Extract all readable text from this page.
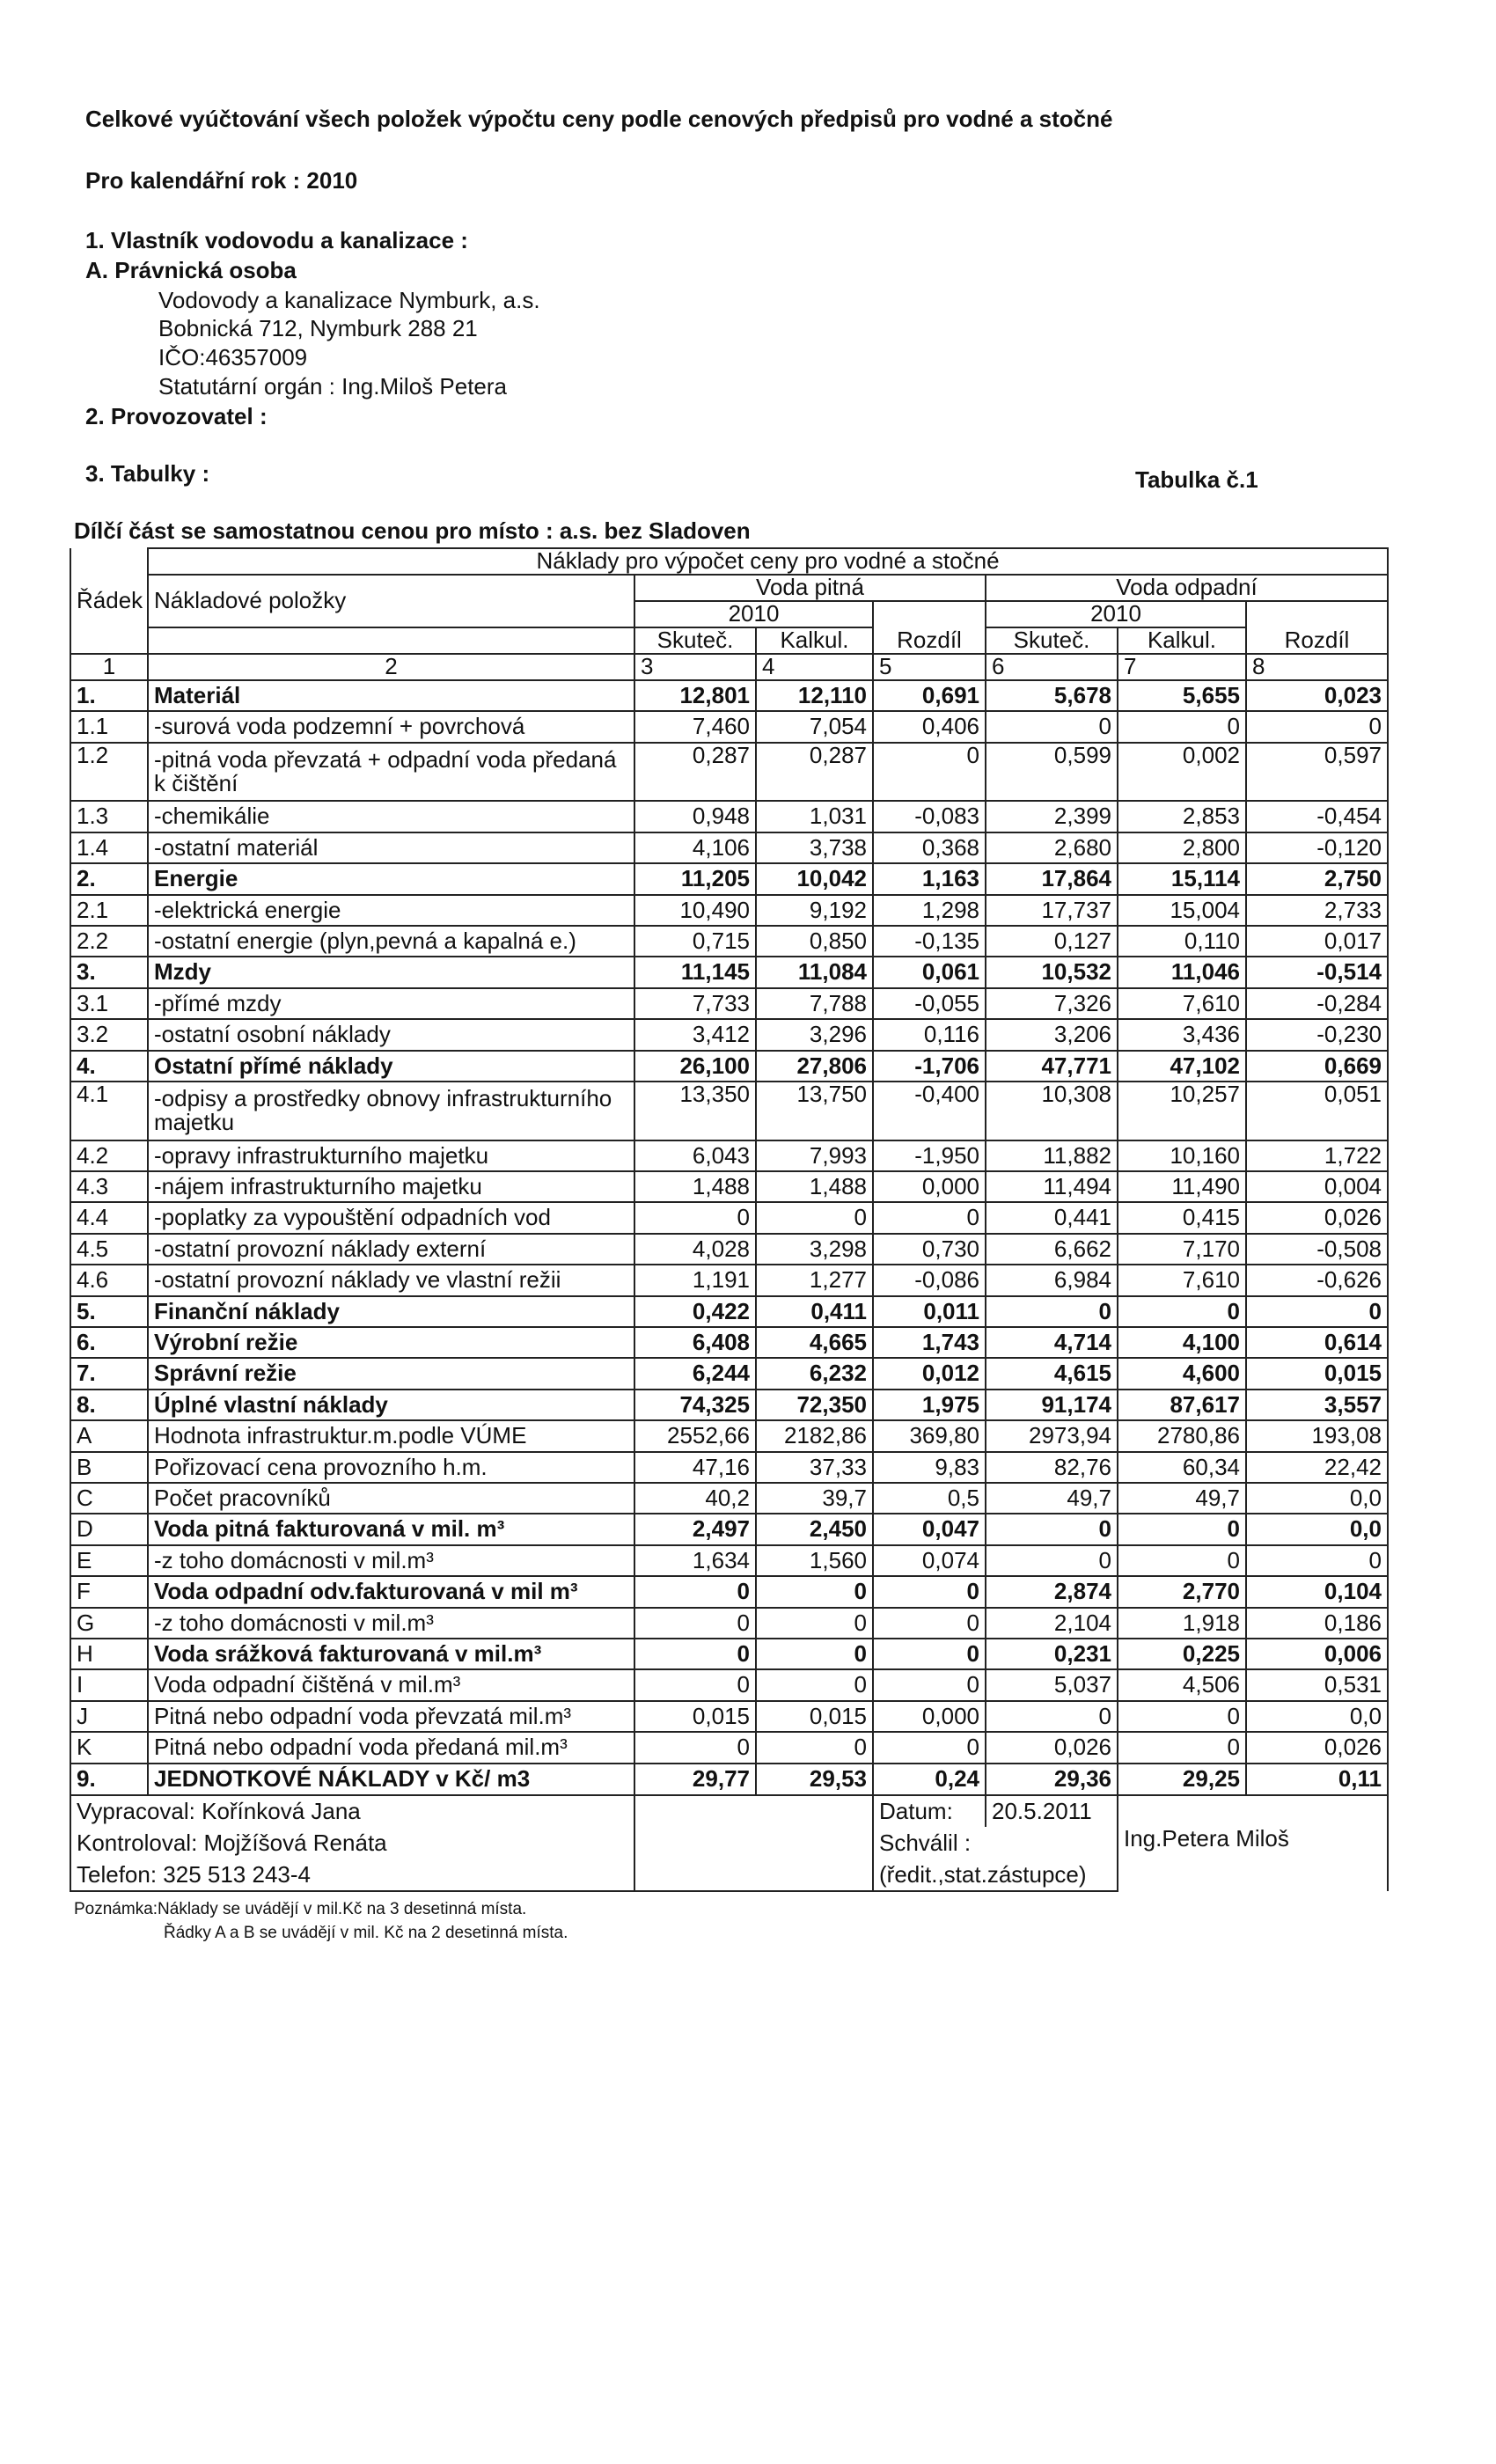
Celkové vyúčtování všech položek výpočtu ceny podle cenových předpisů pro vodné a stočné
Pro kalendářní rok : 2010
1. Vlastník vodovodu a kanalizace :
A. Právnická osoba
Vodovody a kanalizace Nymburk, a.s.
Bobnická 712, Nymburk 288 21
IČO:46357009
Statutární orgán : Ing.Miloš Petera
2. Provozovatel :
3. Tabulky :	Tabulka č.1
Dílčí část se samostatnou cenou pro místo : a.s. bez Sladoven
	Náklady pro výpočet ceny pro vodné a stočné						
Řádek	Nákladové položky	Voda pitná			Voda odpadní		
		2010			2010		
		Skuteč.	Kalkul.	Rozdíl	Skuteč.	Kalkul.	Rozdíl
1	2	3	4	5	6	7	8
1.	Materiál	12,801	12,110	0,691	5,678	5,655	0,023
1.1	-surová voda podzemní + povrchová	7,460	7,054	0,406	0	0	0
1.2	-pitná voda převzatá + odpadní voda předaná k čištění	0,287	0,287	0	0,599	0,002	0,597
1.3	-chemikálie	0,948	1,031	-0,083	2,399	2,853	-0,454
1.4	-ostatní materiál	4,106	3,738	0,368	2,680	2,800	-0,120
2.	Energie	11,205	10,042	1,163	17,864	15,114	2,750
2.1	-elektrická energie	10,490	9,192	1,298	17,737	15,004	2,733
2.2	-ostatní energie (plyn,pevná a kapalná e.)	0,715	0,850	-0,135	0,127	0,110	0,017
3.	Mzdy	11,145	11,084	0,061	10,532	11,046	-0,514
3.1	-přímé mzdy	7,733	7,788	-0,055	7,326	7,610	-0,284
3.2	-ostatní osobní náklady	3,412	3,296	0,116	3,206	3,436	-0,230
4.	Ostatní přímé náklady	26,100	27,806	-1,706	47,771	47,102	0,669
4.1	-odpisy a prostředky obnovy infrastrukturního majetku	13,350	13,750	-0,400	10,308	10,257	0,051
4.2	-opravy infrastrukturního majetku	6,043	7,993	-1,950	11,882	10,160	1,722
4.3	-nájem infrastrukturního majetku	1,488	1,488	0,000	11,494	11,490	0,004
4.4	-poplatky za vypouštění odpadních vod	0	0	0	0,441	0,415	0,026
4.5	-ostatní provozní náklady externí	4,028	3,298	0,730	6,662	7,170	-0,508
4.6	-ostatní provozní náklady ve vlastní režii	1,191	1,277	-0,086	6,984	7,610	-0,626
5.	Finanční náklady	0,422	0,411	0,011	0	0	0
6.	Výrobní režie	6,408	4,665	1,743	4,714	4,100	0,614
7.	Správní režie	6,244	6,232	0,012	4,615	4,600	0,015
8.	Úplné vlastní náklady	74,325	72,350	1,975	91,174	87,617	3,557
A	Hodnota infrastruktur.m.podle VÚME	2552,66	2182,86	369,80	2973,94	2780,86	193,08
B	Pořizovací cena provozního h.m.	47,16	37,33	9,83	82,76	60,34	22,42
C	Počet pracovníků	40,2	39,7	0,5	49,7	49,7	0,0
D	Voda pitná fakturovaná v mil. m³	2,497	2,450	0,047	0	0	0,0
E	-z toho domácnosti v mil.m³	1,634	1,560	0,074	0	0	0
F	Voda odpadní odv.fakturovaná v mil m³	0	0	0	2,874	2,770	0,104
G	-z toho domácnosti v mil.m³	0	0	0	2,104	1,918	0,186
H	Voda srážková fakturovaná v mil.m³	0	0	0	0,231	0,225	0,006
I	Voda odpadní čištěná v mil.m³	0	0	0	5,037	4,506	0,531
J	Pitná nebo odpadní voda převzatá mil.m³	0,015	0,015	0,000	0	0	0,0
K	Pitná nebo odpadní voda předaná mil.m³	0	0	0	0,026	0	0,026
9.	JEDNOTKOVÉ NÁKLADY v Kč/ m3	29,77	29,53	0,24	29,36	29,25	0,11
Vypracoval: Kořínková Jana				Datum:	20.5.2011		
Kontroloval: Mojžíšová Renáta				Schválil :		Ing.Petera Miloš	
Telefon: 325 513 243-4				(ředit.,stat.zástupce)			
Poznámka:Náklady se uvádějí v mil.Kč na 3 desetinná místa.
Řádky A a B se uvádějí v mil. Kč na 2 desetinná místa.
